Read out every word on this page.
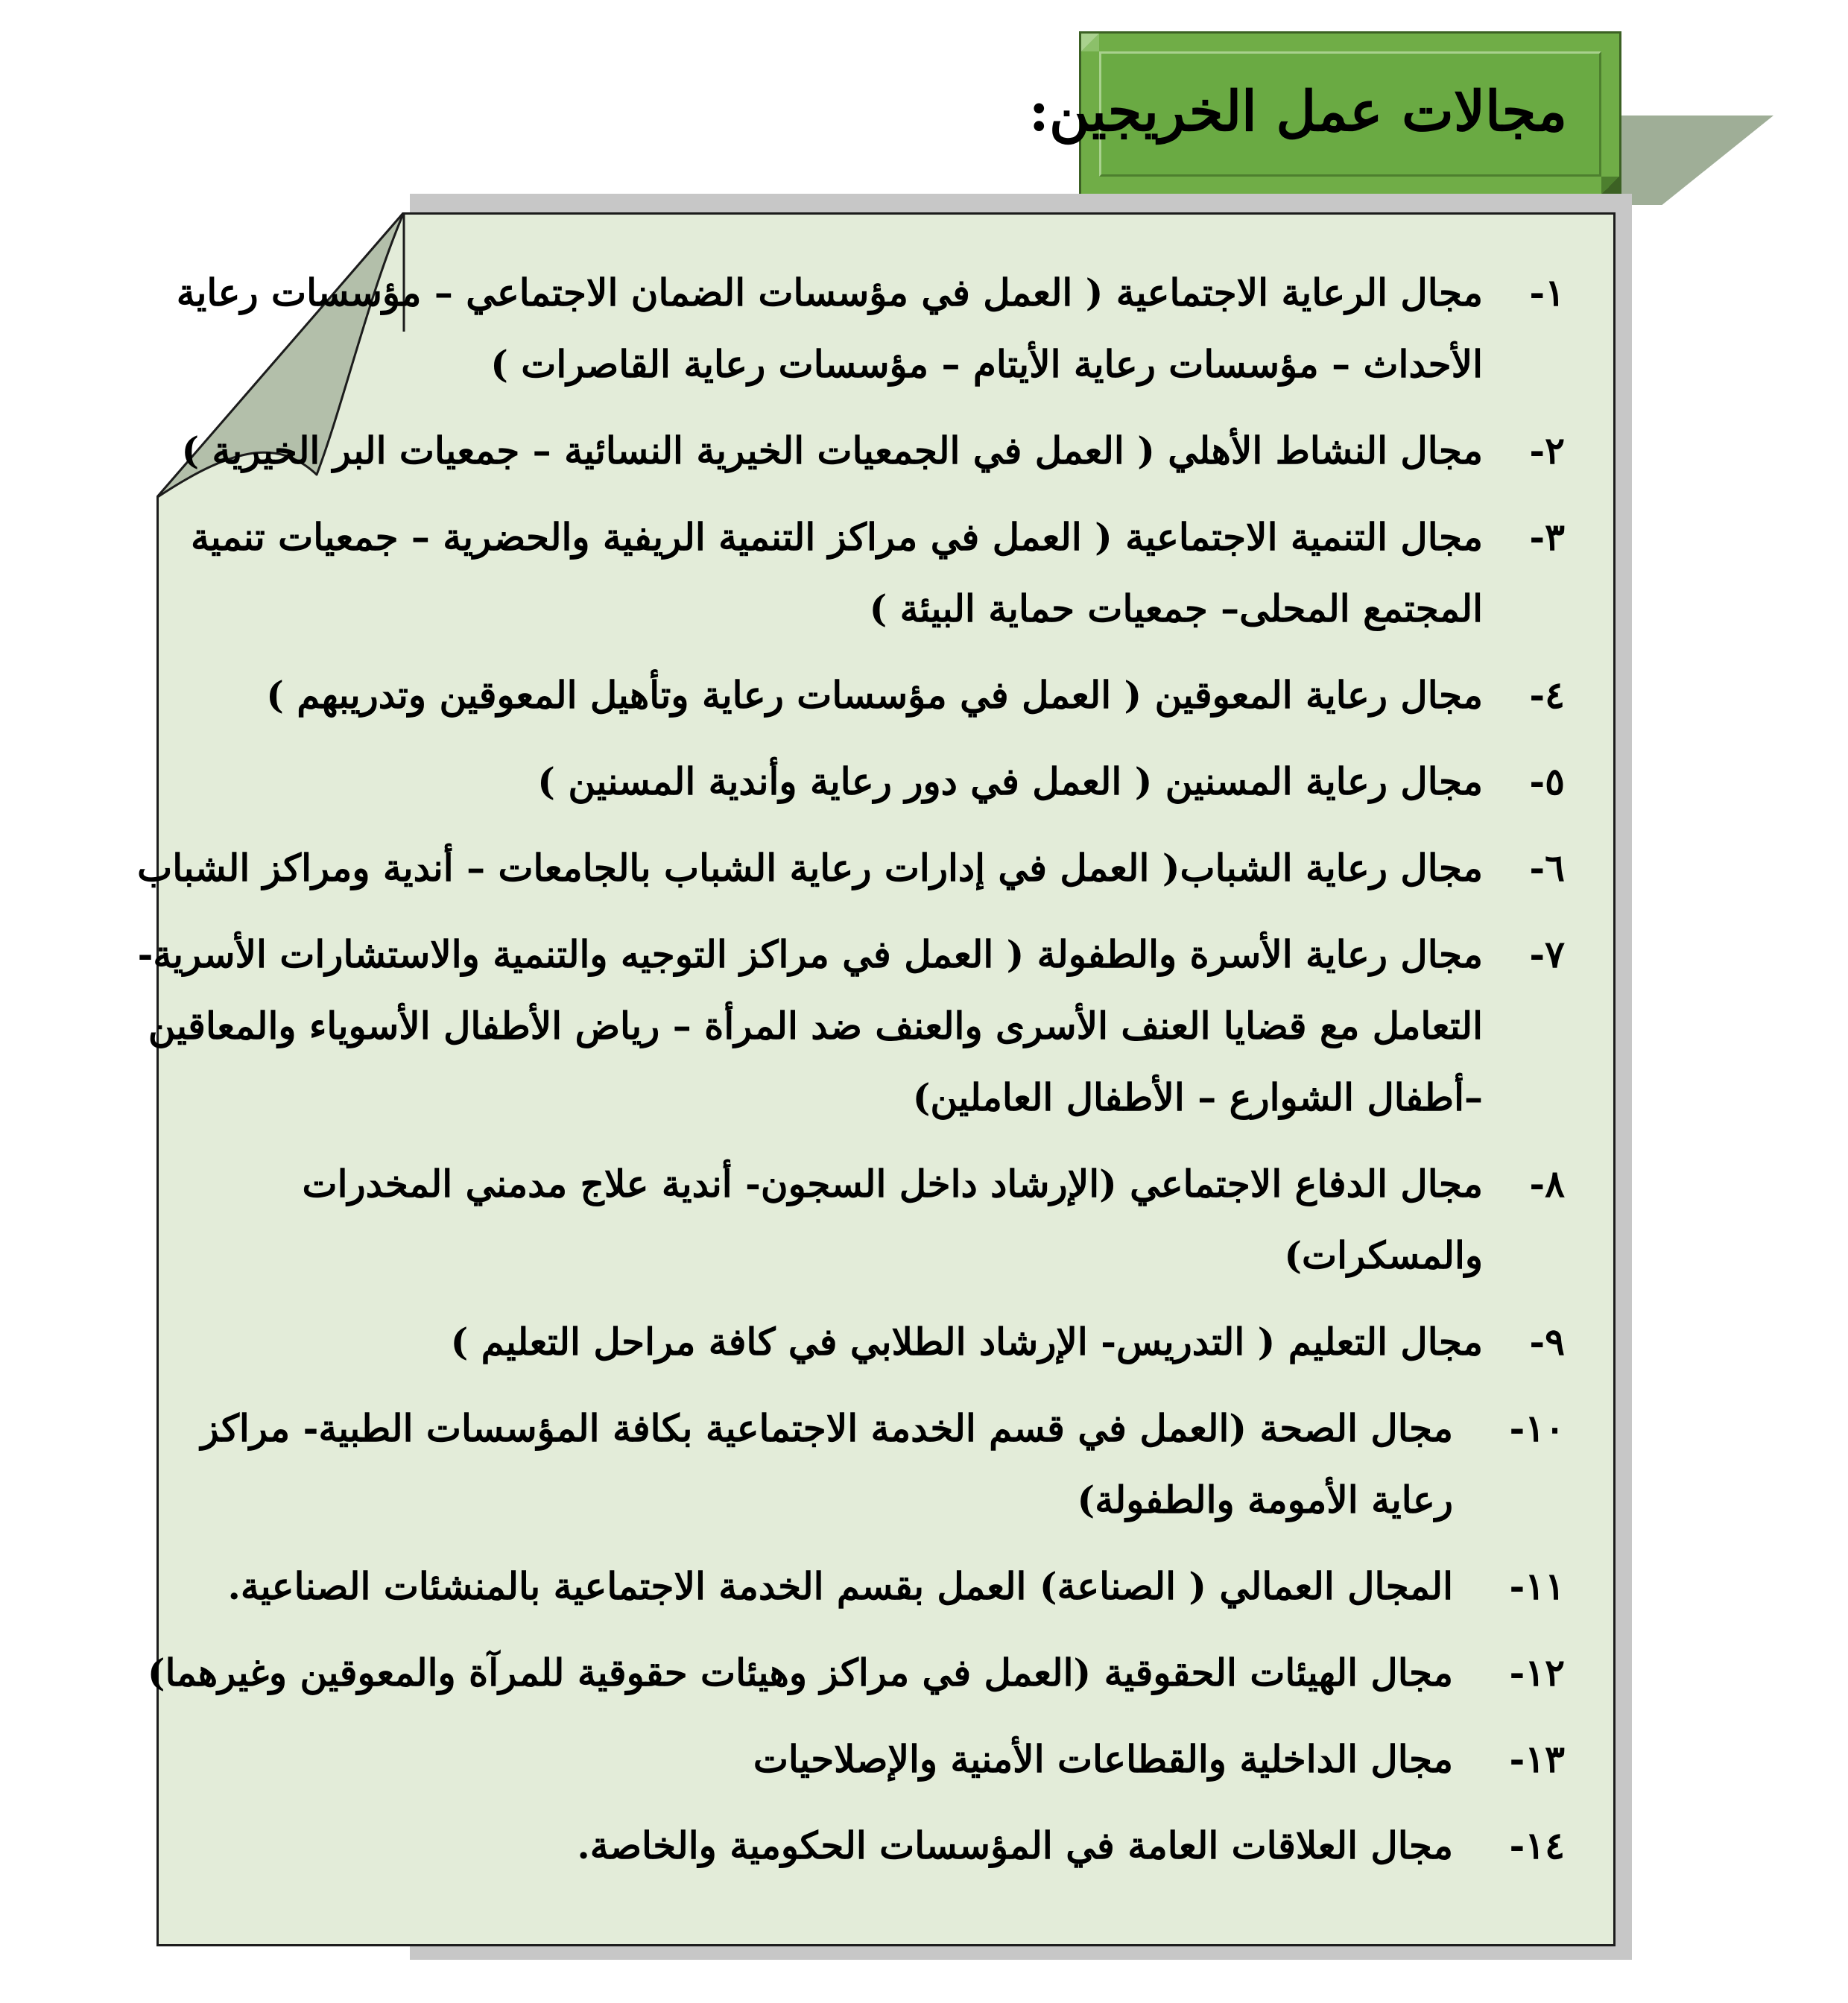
مجالات عمل الخريجين:
١-
مجال الرعاية الاجتماعية ( العمل في مؤسسات الضمان الاجتماعي – مؤسسات رعاية الأحداث – مؤسسات رعاية الأيتام – مؤسسات رعاية القاصرات )
٢-
مجال النشاط الأهلي ( العمل في الجمعيات الخيرية النسائية – جمعيات البر الخيرية )
٣-
مجال التنمية الاجتماعية ( العمل في مراكز التنمية الريفية والحضرية – جمعيات تنمية المجتمع المحلى– جمعيات حماية البيئة )
٤-
مجال رعاية المعوقين ( العمل في مؤسسات رعاية وتأهيل المعوقين وتدريبهم )
٥-
مجال رعاية المسنين ( العمل في دور رعاية وأندية المسنين )
٦-
مجال رعاية الشباب( العمل في إدارات رعاية الشباب بالجامعات – أندية ومراكز الشباب
٧-
مجال رعاية الأسرة والطفولة ( العمل في مراكز التوجيه والتنمية والاستشارات الأسرية- التعامل مع قضايا العنف الأسرى والعنف ضد المرأة – رياض الأطفال الأسوياء والمعاقين –أطفال الشوارع – الأطفال العاملين)
٨-
مجال الدفاع الاجتماعي (الإرشاد داخل السجون- أندية علاج مدمني المخدرات والمسكرات)
٩-
مجال التعليم ( التدريس- الإرشاد الطلابي في كافة مراحل التعليم )
١٠-
مجال الصحة (العمل في قسم الخدمة الاجتماعية بكافة المؤسسات الطبية- مراكز رعاية الأمومة والطفولة)
١١-
المجال العمالي ( الصناعة) العمل بقسم الخدمة الاجتماعية بالمنشئات الصناعية.
١٢-
مجال الهيئات الحقوقية (العمل في مراكز وهيئات حقوقية للمرآة والمعوقين وغيرهما)
١٣-
مجال الداخلية والقطاعات الأمنية والإصلاحيات
١٤-
مجال العلاقات العامة في المؤسسات الحكومية والخاصة.
